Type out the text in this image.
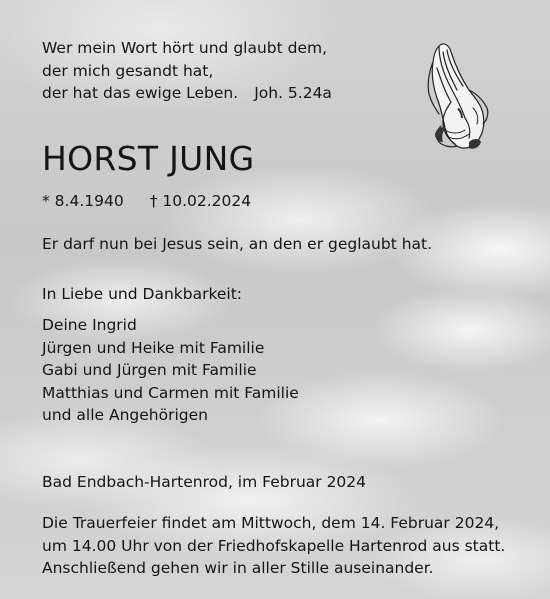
Wer mein Wort hört und glaubt dem,
der mich gesandt hat,
der hat das ewige Leben. Joh. 5.24a
HORST JUNG
* 8.4.1940 † 10.02.2024
Er darf nun bei Jesus sein, an den er geglaubt hat.
In Liebe und Dankbarkeit:
Deine Ingrid
Jürgen und Heike mit Familie
Gabi und Jürgen mit Familie
Matthias und Carmen mit Familie
und alle Angehörigen
Bad Endbach-Hartenrod, im Februar 2024
Die Trauerfeier findet am Mittwoch, dem 14. Februar 2024,
um 14.00 Uhr von der Friedhofskapelle Hartenrod aus statt.
Anschließend gehen wir in aller Stille auseinander.
